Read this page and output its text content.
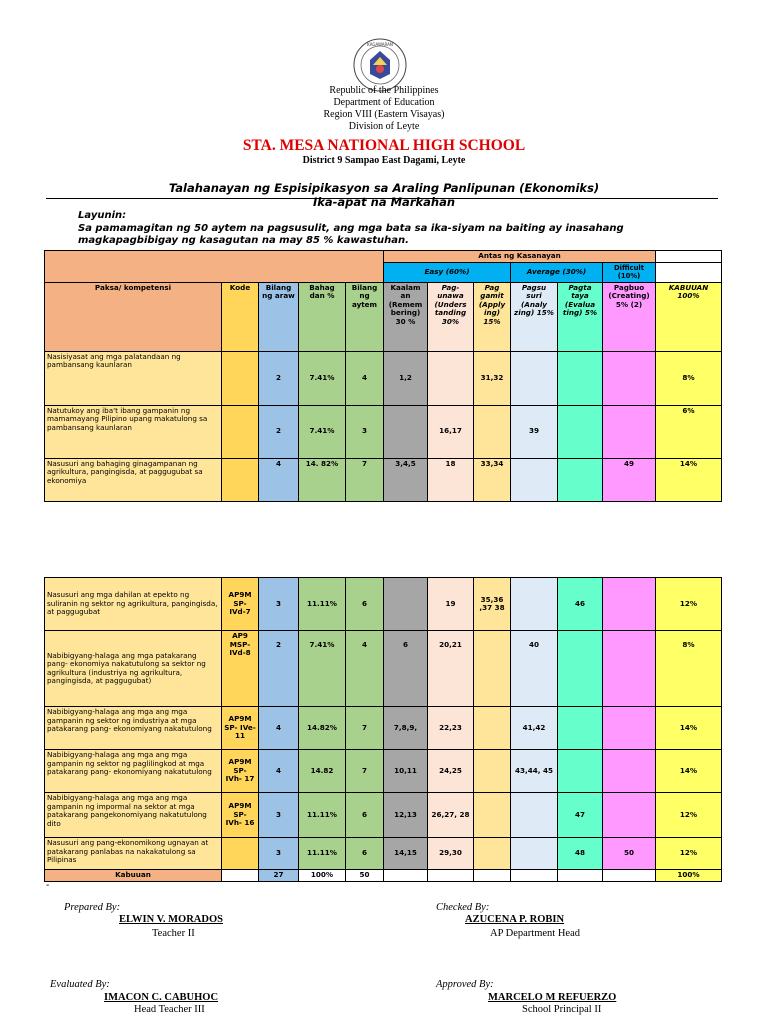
KAGAWARAN
Republic of the Philippines
Department of Education
Region VIII (Eastern Visayas)
Division of Leyte
STA. MESA NATIONAL HIGH SCHOOL
District 9 Sampao East Dagami, Leyte
Talahanayan ng Espisipikasyon sa Araling Panlipunan (Ekonomiks)
Ika-apat na Markahan
Layunin:
Sa pamamagitan ng 50 aytem na pagsusulit, ang mga bata sa ika-siyam na baiting ay inasahang magkapagbibigay ng kasagutan na may 85 % kawastuhan.
					Antas ng Kasanayan						
					Easy (60%)			Average (30%)		Difficult (10%)	
Paksa/ kompetensi	Kode	Bilang ng araw	Bahag dan %	Bilang ng aytem	Kaalam an (Remem bering) 30 %	Pag- unawa (Unders tanding 30%	Pag gamit (Apply ing) 15%	Pagsu suri (Analy zing) 15%	Pagta taya (Evalua ting) 5%	Pagbuo (Creating) 5% (2)	KABUUAN 100%
Nasisiyasat ang mga palatandaan ng pambansang kaunlaran		2	7.41%	4	1,2		31,32				8%
Natutukoy ang iba't ibang gampanin ng mamamayang Pilipino upang makatulong sa pambansang kaunlaran		2	7.41%	3		16,17		39			6%
Nasusuri ang bahaging ginagampanan ng agrikultura, pangingisda, at paggugubat sa ekonomiya		4	14. 82%	7	3,4,5	18	33,34			49	14%
Nasusuri ang mga dahilan at epekto ng suliranin ng sektor ng agrikultura, pangingisda, at paggugubat	AP9M SP- IVd-7	3	11.11%	6		19	35,36 ,37 38		46		12%
Nabibigyang-halaga ang mga patakarang pang- ekonomiya nakatutulong sa sektor ng agrikultura (industriya ng agrikultura, pangingisda, at paggugubat)	AP9 MSP- IVd-8	2	7.41%	4	6	20,21		40			8%
Nabibigyang-halaga ang mga ang mga gampanin ng sektor ng industriya at mga patakarang pang- ekonomiyang nakatutulong	AP9M SP- IVe- 11	4	14.82%	7	7,8,9,	22,23		41,42			14%
Nabibigyang-halaga ang mga ang mga gampanin ng sektor ng paglilingkod at mga patakarang pang- ekonomiyang nakatutulong	AP9M SP- IVh- 17	4	14.82	7	10,11	24,25		43,44, 45			14%
Nabibigyang-halaga ang mga ang mga gampanin ng impormal na sektor at mga patakarang pangekonomiyang nakatutulong dito	AP9M SP- IVh- 16	3	11.11%	6	12,13	26,27, 28			47		12%
Nasusuri ang pang-ekonomikong ugnayan at patakarang panlabas na nakakatulong sa Pilipinas		3	11.11%	6	14,15	29,30			48	50	12%
Kabuuan		27	100%	50							100%
-
Prepared By:
ELWIN V. MORADOS
Teacher II
Checked By:
AZUCENA P. ROBIN
AP Department Head
Evaluated By:
IMACON C. CABUHOC
Head Teacher III
Approved By:
MARCELO M REFUERZO
School Principal II
